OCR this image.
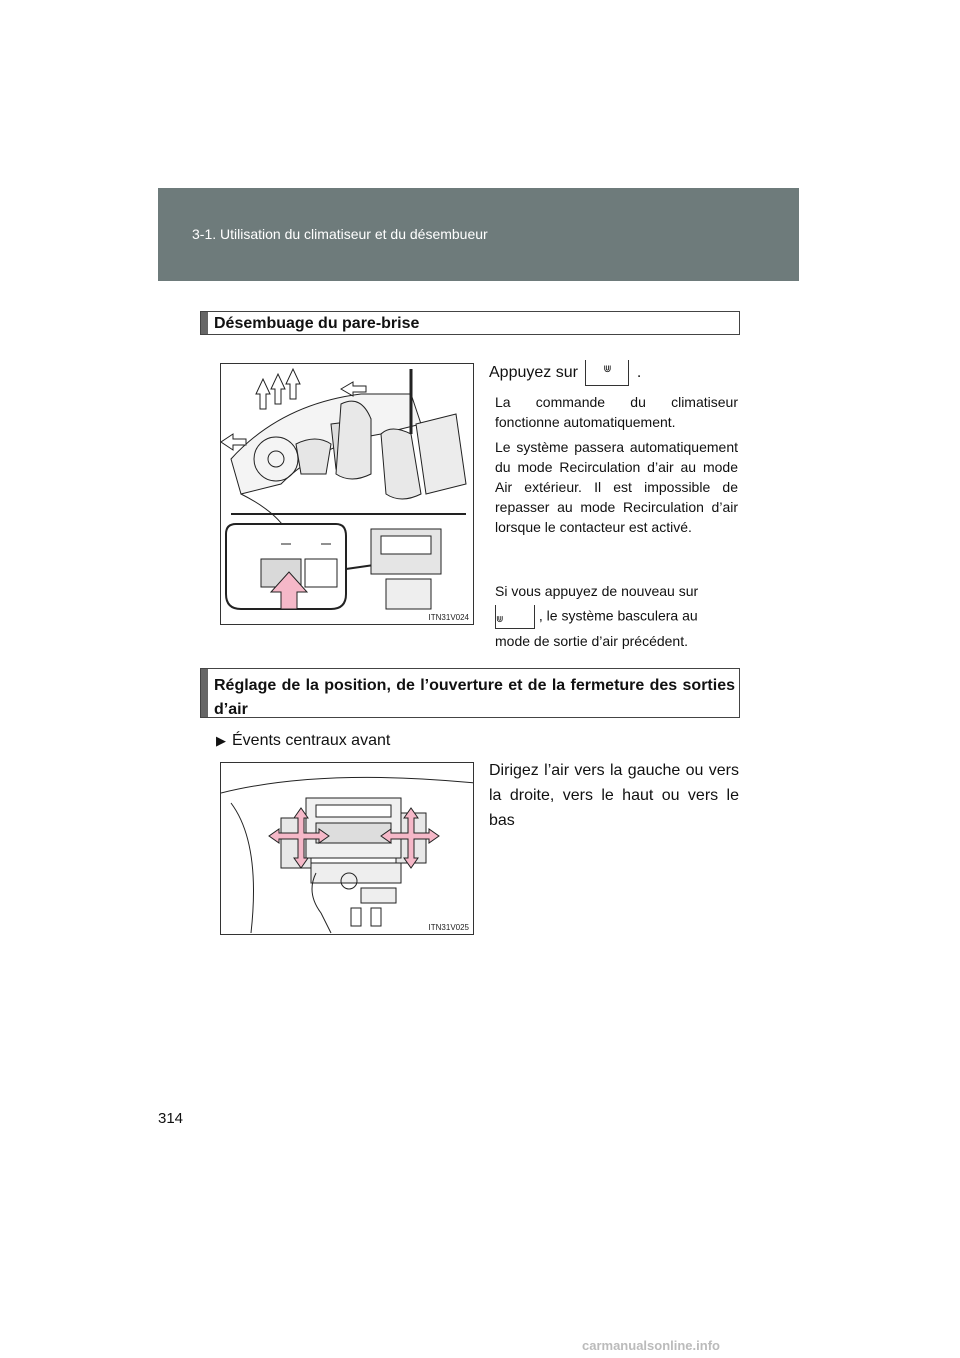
3-1. Utilisation du climatiseur et du désembueur
Désembuage du pare-brise
ITN31V024
Appuyez sur	⋓	.

La commande du climatiseur fonctionne automatiquement.

Le système passera automatiquement du mode Recirculation d’air au mode Air extérieur. Il est impossible de repasser au mode Recirculation d’air lorsque le contacteur est activé.

Si vous appuyez de nouveau sur

⋓	, le système basculera au

mode de sortie d’air précédent.

Réglage de la position, de l’ouverture et de la fermeture des sorties d’air
▶ Évents centraux avant
ITN31V025

Dirigez l’air vers la gauche ou vers la droite, vers le haut ou vers le bas

314
carmanualsonline.info
